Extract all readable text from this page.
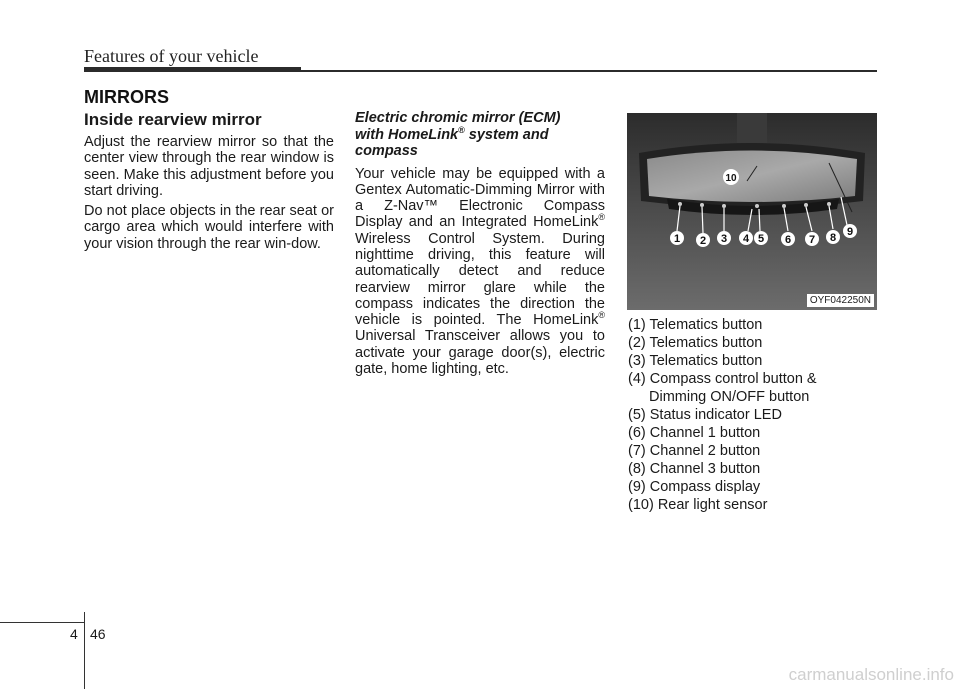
Features of your vehicle
MIRRORS
Inside rearview mirror

Adjust the rearview mirror so that the center view through the rear window is seen. Make this adjustment before you start driving.

Do not place objects in the rear seat or cargo area which would interfere with your vision through the rear win-dow.

Electric chromic mirror (ECM)
with HomeLink® system and
compass

Your vehicle may be equipped with a Gentex Automatic-Dimming Mirror with a Z-Nav™ Electronic Compass Display and an Integrated HomeLink® Wireless Control System. During nighttime driving, this feature will automatically detect and reduce rearview mirror glare while the compass indicates the direction the vehicle is pointed. The HomeLink® Universal Transceiver allows you to activate your garage door(s), electric gate, home lighting, etc.

1 2 3 4 5 6 7 8 9
10
OYF042250N
(1) Telematics button
(2) Telematics button
(3) Telematics button
(4) Compass control button &
Dimming ON/OFF button
(5) Status indicator LED
(6) Channel 1 button
(7) Channel 2 button
(8) Channel 3 button
(9) Compass display
(10) Rear light sensor
4 46
carmanualsonline.info
